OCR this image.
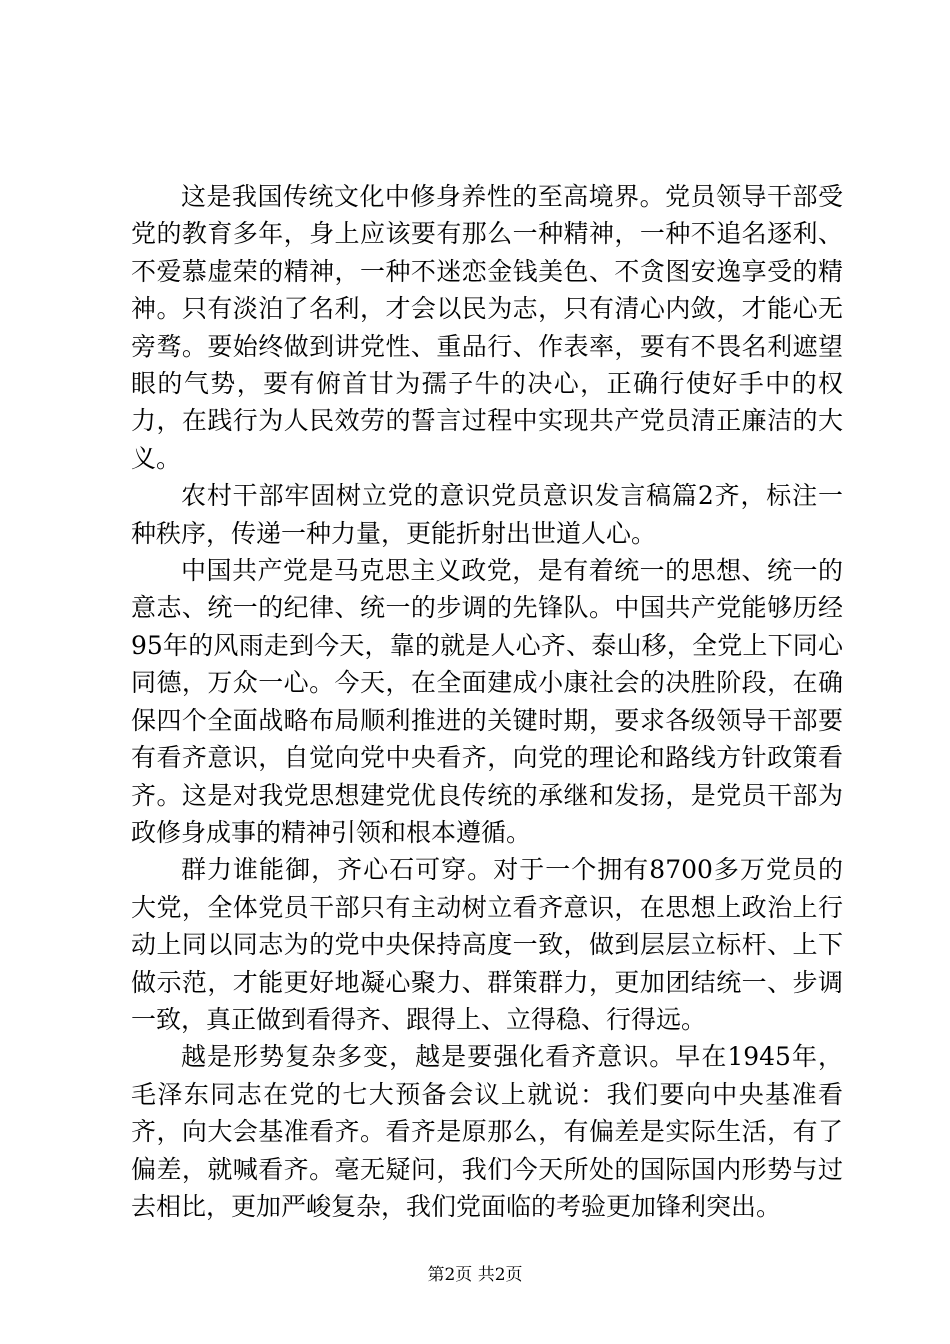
这是我国传统文化中修身养性的至高境界。党员领导干部受党的教育多年，身上应该要有那么一种精神，一种不追名逐利、不爱慕虚荣的精神，一种不迷恋金钱美色、不贪图安逸享受的精神。只有淡泊了名利，才会以民为志，只有清心内敛，才能心无旁骛。要始终做到讲党性、重品行、作表率，要有不畏名利遮望眼的气势，要有俯首甘为孺子牛的决心，正确行使好手中的权力，在践行为人民效劳的誓言过程中实现共产党员清正廉洁的大义。

农村干部牢固树立党的意识党员意识发言稿篇2齐，标注一种秩序，传递一种力量，更能折射出世道人心。

中国共产党是马克思主义政党，是有着统一的思想、统一的意志、统一的纪律、统一的步调的先锋队。中国共产党能够历经95年的风雨走到今天，靠的就是人心齐、泰山移，全党上下同心同德，万众一心。今天，在全面建成小康社会的决胜阶段，在确保四个全面战略布局顺利推进的关键时期，要求各级领导干部要有看齐意识，自觉向党中央看齐，向党的理论和路线方针政策看齐。这是对我党思想建党优良传统的承继和发扬，是党员干部为政修身成事的精神引领和根本遵循。

群力谁能御，齐心石可穿。对于一个拥有8700多万党员的大党，全体党员干部只有主动树立看齐意识，在思想上政治上行动上同以同志为的党中央保持高度一致，做到层层立标杆、上下做示范，才能更好地凝心聚力、群策群力，更加团结统一、步调一致，真正做到看得齐、跟得上、立得稳、行得远。

越是形势复杂多变，越是要强化看齐意识。早在1945年，毛泽东同志在党的七大预备会议上就说：我们要向中央基准看齐，向大会基准看齐。看齐是原那么，有偏差是实际生活，有了偏差，就喊看齐。毫无疑问，我们今天所处的国际国内形势与过去相比，更加严峻复杂，我们党面临的考验更加锋利突出。

第2页 共2页
